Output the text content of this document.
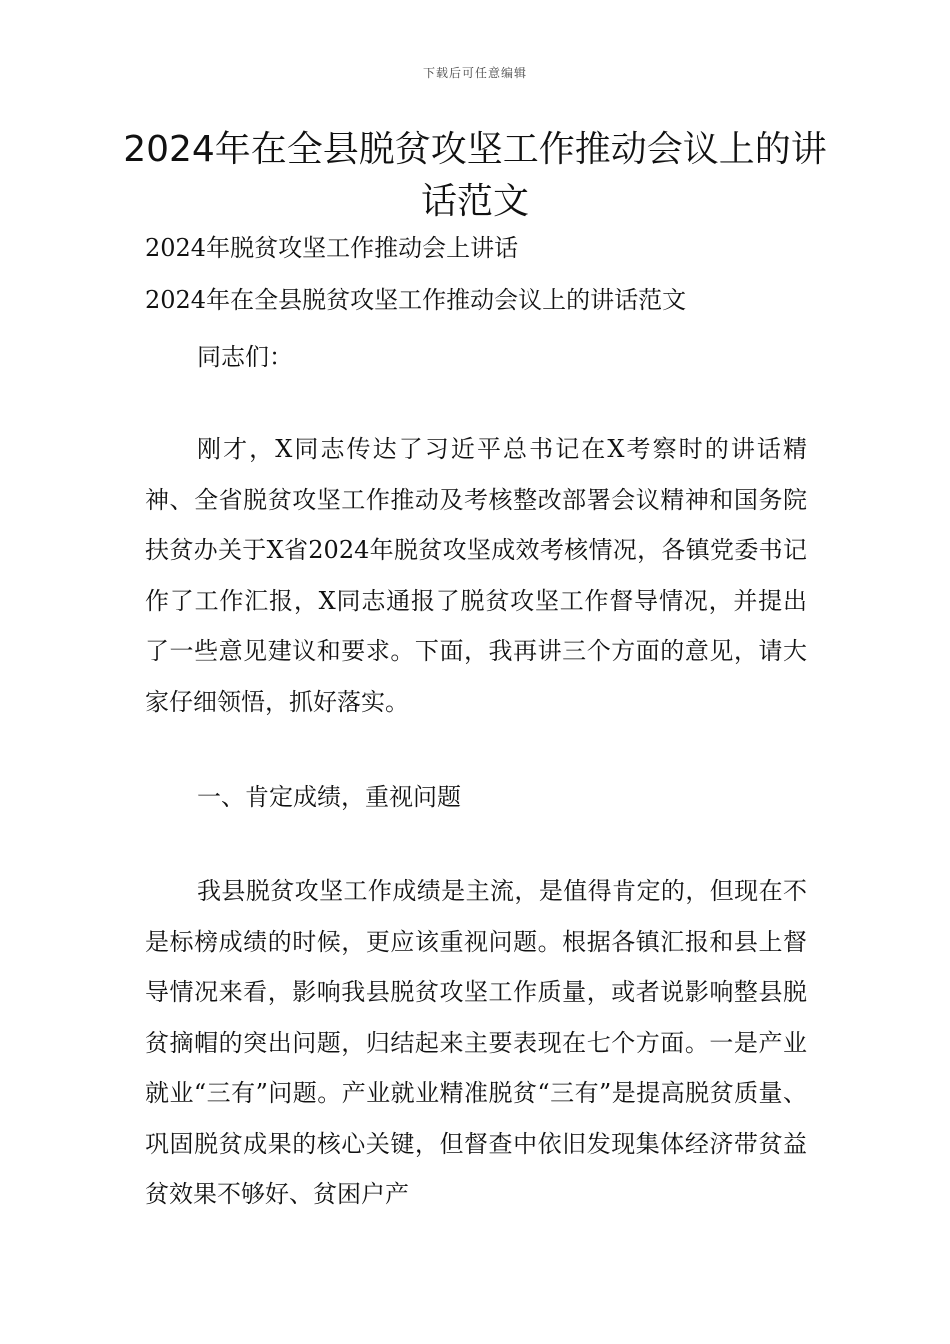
下载后可任意编辑
2024年在全县脱贫攻坚工作推动会议上的讲话范文
2024年脱贫攻坚工作推动会上讲话
2024年在全县脱贫攻坚工作推动会议上的讲话范文

同志们：

刚才，X同志传达了习近平总书记在X考察时的讲话精神、全省脱贫攻坚工作推动及考核整改部署会议精神和国务院扶贫办关于X省2024年脱贫攻坚成效考核情况，各镇党委书记作了工作汇报，X同志通报了脱贫攻坚工作督导情况，并提出了一些意见建议和要求。下面，我再讲三个方面的意见，请大家仔细领悟，抓好落实。

一、肯定成绩，重视问题

我县脱贫攻坚工作成绩是主流，是值得肯定的，但现在不是标榜成绩的时候，更应该重视问题。根据各镇汇报和县上督导情况来看，影响我县脱贫攻坚工作质量，或者说影响整县脱贫摘帽的突出问题，归结起来主要表现在七个方面。一是产业就业“三有”问题。产业就业精准脱贫“三有”是提高脱贫质量、巩固脱贫成果的核心关键，但督查中依旧发现集体经济带贫益贫效果不够好、贫困户产
